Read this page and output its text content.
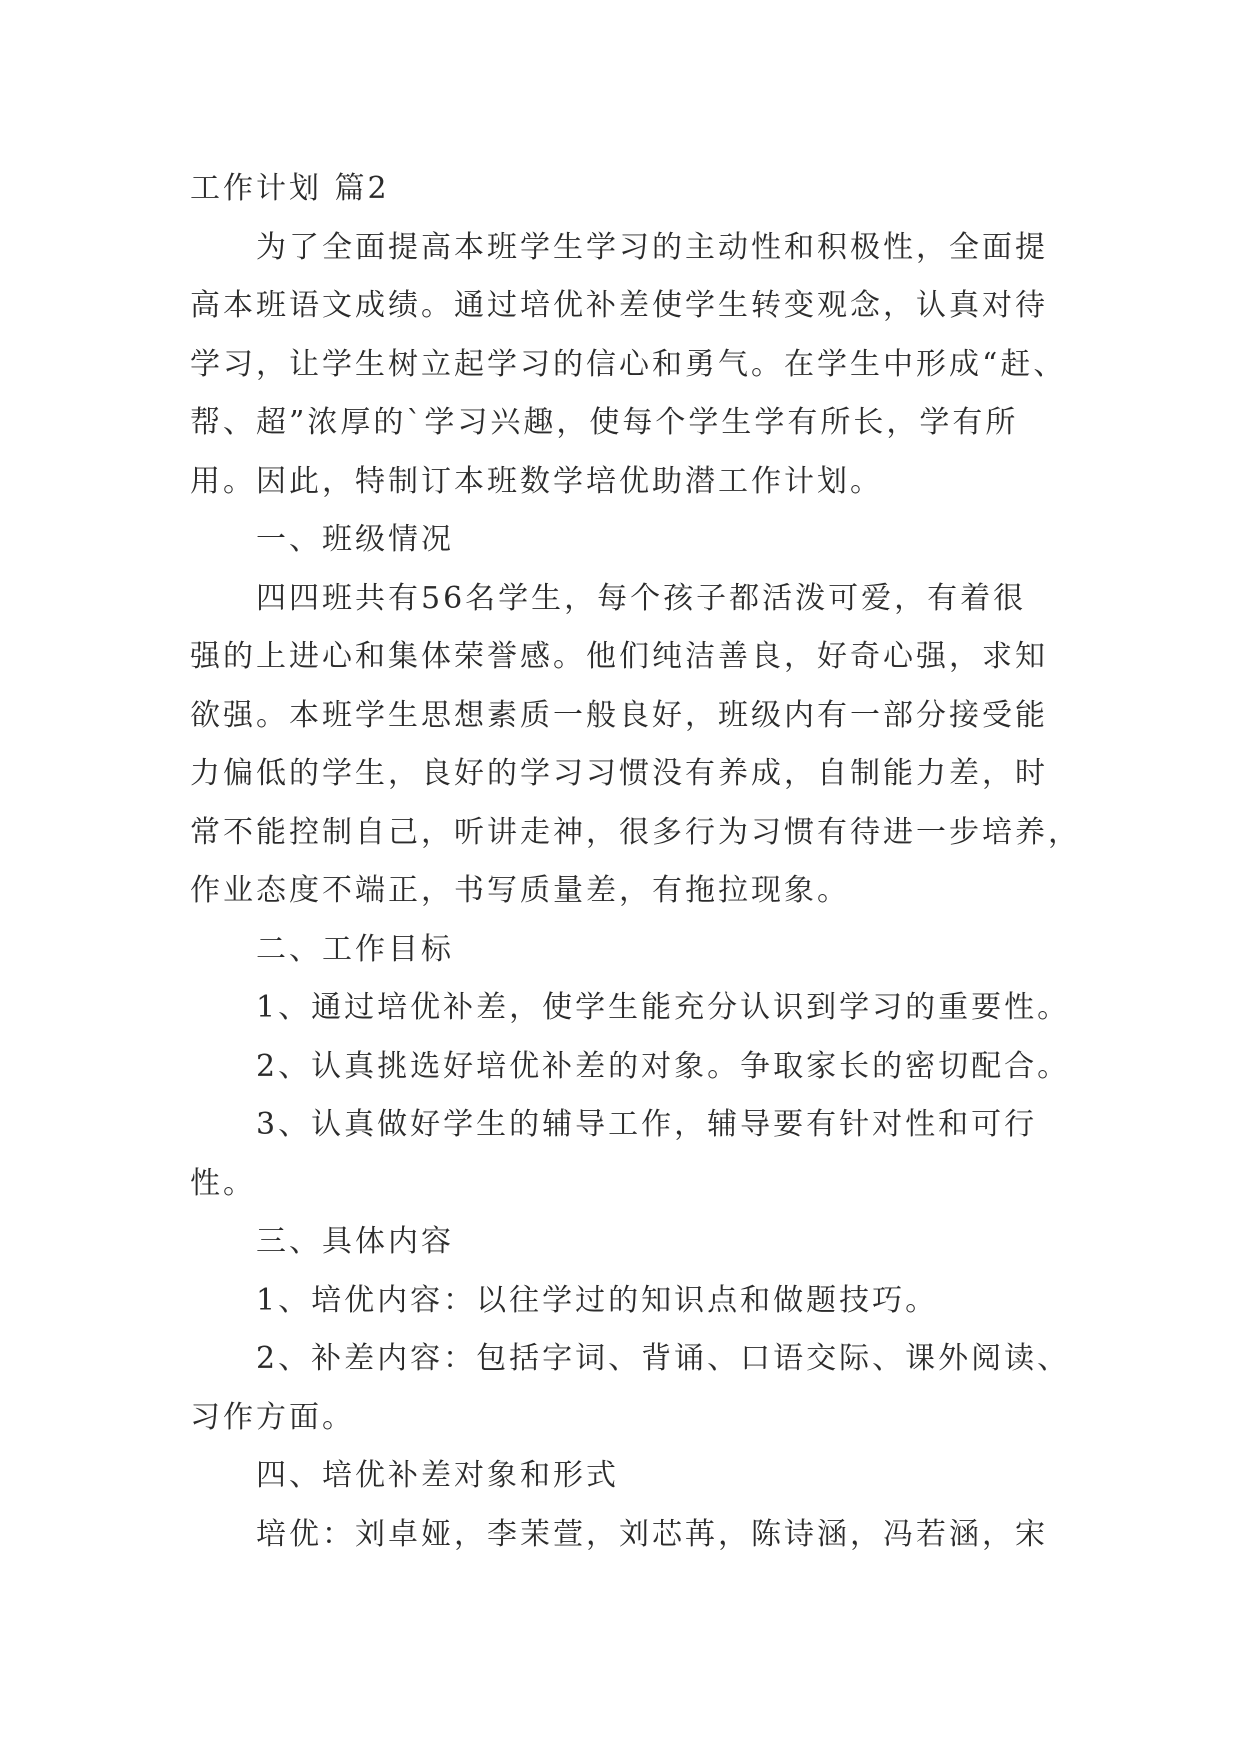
工作计划 篇2
为了全面提高本班学生学习的主动性和积极性，全面提
高本班语文成绩。通过培优补差使学生转变观念，认真对待
学习，让学生树立起学习的信心和勇气。在学生中形成“赶、
帮、超”浓厚的`学习兴趣，使每个学生学有所长，学有所
用。因此，特制订本班数学培优助潜工作计划。
一、班级情况
四四班共有56名学生，每个孩子都活泼可爱，有着很
强的上进心和集体荣誉感。他们纯洁善良，好奇心强，求知
欲强。本班学生思想素质一般良好，班级内有一部分接受能
力偏低的学生，良好的学习习惯没有养成，自制能力差，时
常不能控制自己，听讲走神，很多行为习惯有待进一步培养，
作业态度不端正，书写质量差，有拖拉现象。
二、工作目标
1、通过培优补差，使学生能充分认识到学习的重要性。
2、认真挑选好培优补差的对象。争取家长的密切配合。
3、认真做好学生的辅导工作，辅导要有针对性和可行
性。
三、具体内容
1、培优内容：以往学过的知识点和做题技巧。
2、补差内容：包括字词、背诵、口语交际、课外阅读、
习作方面。
四、培优补差对象和形式
培优：刘卓娅，李茉萱，刘芯苒，陈诗涵，冯若涵，宋
